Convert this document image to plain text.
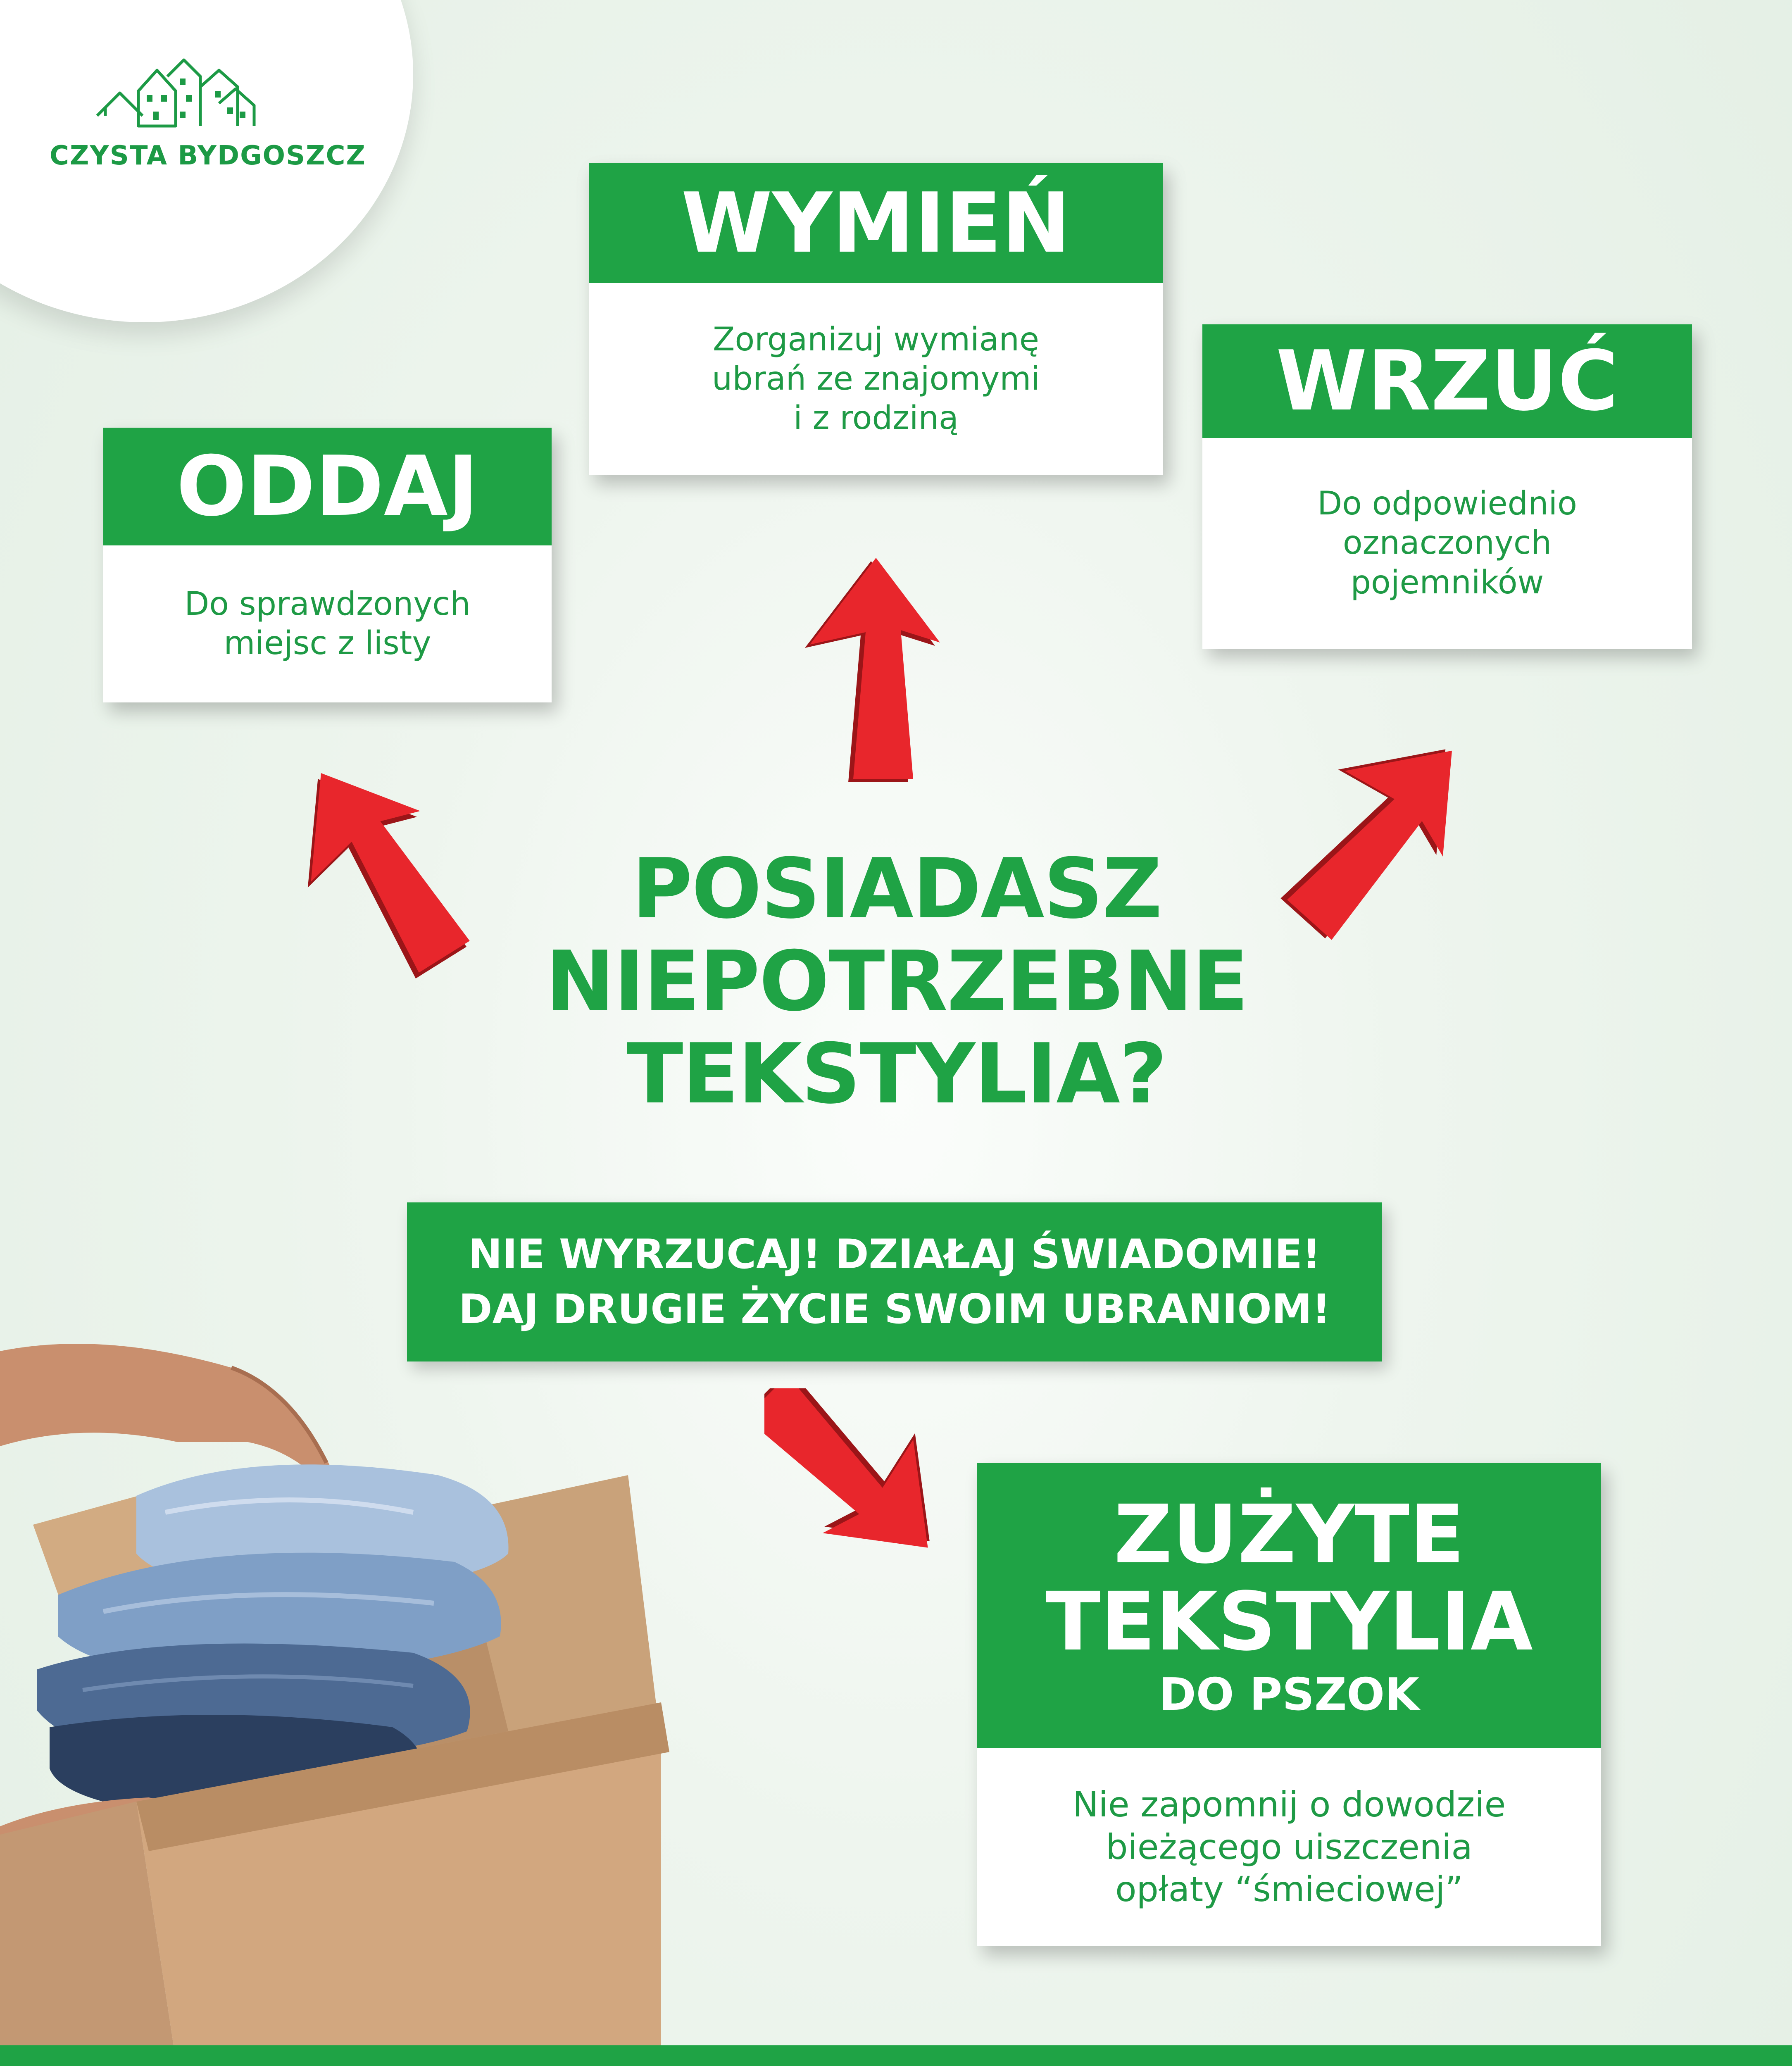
CZYSTA BYDGOSZCZ
WYMIEŃ
Zorganizuj wymianę
ubrań ze znajomymi
i z rodziną	WRZUĆ
Do odpowiednio
oznaczonych
pojemników
ODDAJ
Do sprawdzonych
miejsc z listy
POSIADASZ
NIEPOTRZEBNE
TEKSTYLIA?
NIE WYRZUCAJ! DZIAŁAJ ŚWIADOMIE!
DAJ DRUGIE ŻYCIE SWOIM UBRANIOM!
ZUŻYTE
TEKSTYLIA
DO PSZOK
Nie zapomnij o dowodzie
bieżącego uiszczenia
opłaty “śmieciowej”
